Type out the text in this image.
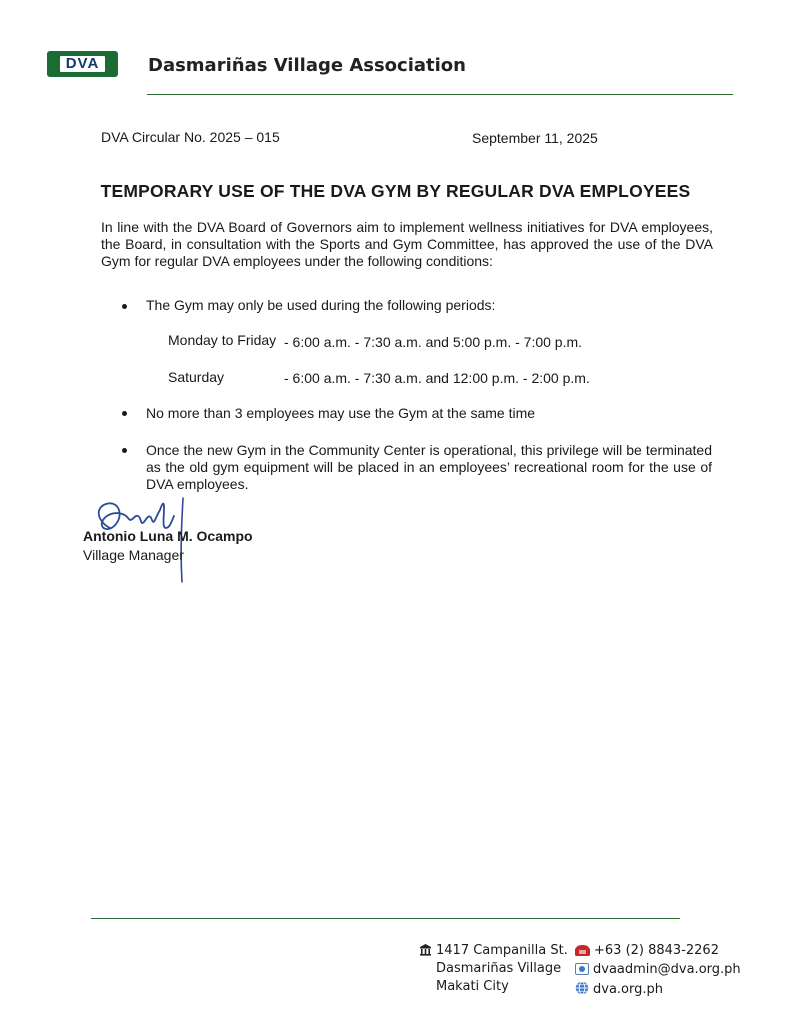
DVA	Dasmariñas Village Association
DVA Circular No. 2025 – 015	September 11, 2025
TEMPORARY USE OF THE DVA GYM BY REGULAR DVA EMPLOYEES
In line with the DVA Board of Governors aim to implement wellness initiatives for DVA employees, the Board, in consultation with the Sports and Gym Committee, has approved the use of the DVA Gym for regular DVA employees under the following conditions:
The Gym may only be used during the following periods:
Monday to Friday - 6:00 a.m. - 7:30 a.m. and 5:00 p.m. - 7:00 p.m.
Saturday	- 6:00 a.m. - 7:30 a.m. and 12:00 p.m. - 2:00 p.m.
No more than 3 employees may use the Gym at the same time
Once the new Gym in the Community Center is operational, this privilege will be terminated as the old gym equipment will be placed in an employees’ recreational room for the use of DVA employees.
Antonio Luna M. Ocampo
Village Manager
1417 Campanilla St.
Dasmariñas Village
Makati City
+63 (2) 8843-2262
dvaadmin@dva.org.ph
dva.org.ph
